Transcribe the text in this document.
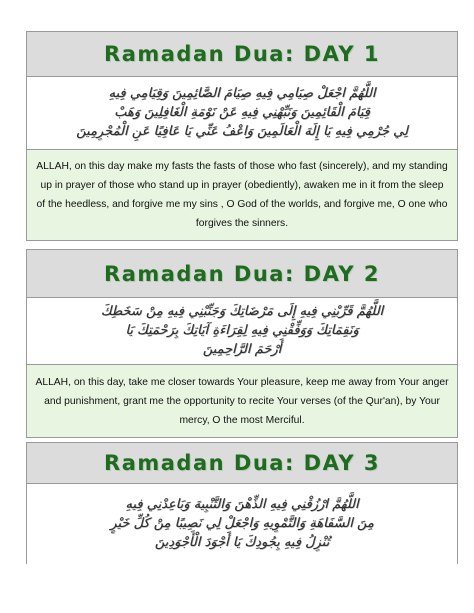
Ramadan Dua: DAY 1
اللَّهُمَّ اجْعَلْ صِيَامِي فِيهِ صِيَامَ الصَّائِمِينَ وَقِيَامِي فِيهِ
قِيَامَ الْقَائِمِينَ وَنَبِّهْنِي فِيهِ عَنْ نَوْمَةِ الْغَافِلِينَ وَهَبْ
لِي جُرْمِي فِيهِ يَا إِلَهَ الْعَالَمِينَ وَاعْفُ عَنِّي يَا عَافِيًا عَنِ الْمُجْرِمِينَ
ALLAH, on this day make my fasts the fasts of those who fast (sincerely), and my standing up in prayer of those who stand up in prayer (obediently), awaken me in it from the sleep of the heedless, and forgive me my sins , O God of the worlds, and forgive me, O one who forgives the sinners.
Ramadan Dua: DAY 2
اللَّهُمَّ قَرِّبْنِي فِيهِ إِلَى مَرْضَاتِكَ وَجَنِّبْنِي فِيهِ مِنْ سَخَطِكَ
وَنَقِمَاتِكَ وَوَفِّقْنِي فِيهِ لِقِرَاءَةِ آيَاتِكَ بِرَحْمَتِكَ يَا
أَرْحَمَ الرَّاحِمِينَ
ALLAH, on this day, take me closer towards Your pleasure, keep me away from Your anger and punishment, grant me the opportunity to recite Your verses (of the Qur'an), by Your mercy, O the most Merciful.
Ramadan Dua: DAY 3
اللَّهُمَّ ارْزُقْنِي فِيهِ الذِّهْنَ وَالتَّنْبِيهَ وَبَاعِدْنِي فِيهِ
مِنَ السَّفَاهَةِ وَالتَّمْوِيهِ وَاجْعَلْ لِي نَصِيبًا مِنْ كُلِّ خَيْرٍ
تُنْزِلُ فِيهِ بِجُودِكَ يَا أَجْوَدَ الْأَجْوَدِينَ
